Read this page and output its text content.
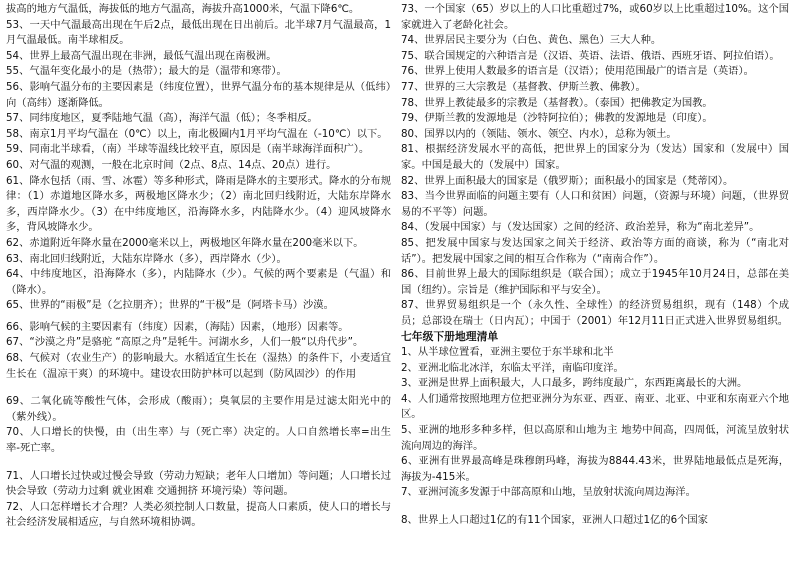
拔高的地方气温低，海拔低的地方气温高，海拔升高1000米，气温下降6℃。

53、一天中气温最高出现在午后2点，最低出现在日出前后。北半球7月气温最高，1月气温最低。南半球相反。

54、世界上最高气温出现在非洲，最低气温出现在南极洲。

55、气温年变化最小的是（热带）；最大的是（温带和寒带）。

56、影响气温分布的主要因素是（纬度位置），世界气温分布的基本规律是从（低纬）向（高纬）逐渐降低。

57、同纬度地区，夏季陆地气温（高），海洋气温（低）；冬季相反。

58、南京1月平均气温在（0℃）以上，南北极圈内1月平均气温在（-10℃）以下。

59、同南北半球看，（南）半球等温线比较平直，原因是（南半球海洋面积广）。

60、对气温的观测，一般在北京时间（2点、8点、14点、20点）进行。

61、降水包括（雨、雪、冰雹）等多种形式，降雨是降水的主要形式。降水的分布规律：（1）赤道地区降水多，两极地区降水少；（2）南北回归线附近，大陆东岸降水多，西岸降水少。（3）在中纬度地区，沿海降水多，内陆降水少。（4）迎风坡降水多，背风坡降水少。

62、赤道附近年降水量在2000毫米以上，两极地区年降水量在200毫米以下。

63、南北回归线附近，大陆东岸降水（多），西岸降水（少）。

64、中纬度地区，沿海降水（多），内陆降水（少）。气候的两个要素是（气温）和（降水）。

65、世界的“雨极”是（乞拉朋齐）；世界的“干极”是（阿塔卡马）沙漠。

66、影响气候的主要因素有（纬度）因素，（海陆）因素，（地形）因素等。

67、“沙漠之舟”是骆驼 “高原之舟”是牦牛。河湖水乡，人们一般“以舟代步”。

68、气候对（农业生产）的影响最大。水稻适宜生长在（湿热）的条件下，小麦适宜生长在（温凉干爽）的环境中。建设农田防护林可以起到（防风固沙）的作用

69、二氧化硫等酸性气体，会形成（酸雨）；臭氧层的主要作用是过滤太阳光中的（紫外线）。

70、人口增长的快慢，由（出生率）与（死亡率）决定的。人口自然增长率=出生率-死亡率。

71、人口增长过快或过慢会导致（劳动力短缺；老年人口增加）等问题；人口增长过快会导致（劳动力过剩 就业困难 交通拥挤 环境污染）等问题。

72、人口怎样增长才合理？人类必须控制人口数量，提高人口素质，使人口的增长与社会经济发展相适应，与自然环境相协调。

73、一个国家（65）岁以上的人口比重超过7%，或60岁以上比重超过10%。这个国家就进入了老龄化社会。

74、世界居民主要分为（白色、黄色、黑色）三大人种。

75、联合国规定的六种语言是（汉语、英语、法语、俄语、西班牙语、阿拉伯语）。

76、世界上使用人数最多的语言是（汉语）；使用范围最广的语言是（英语）。

77、世界的三大宗教是（基督教、伊斯兰教、佛教）。

78、世界上教徒最多的宗教是（基督教）。（泰国）把佛教定为国教。

79、伊斯兰教的发源地是（沙特阿拉伯）；佛教的发源地是（印度）。

80、国界以内的（领陆、领水、领空、内水），总称为领土。

81、根据经济发展水平的高低，把世界上的国家分为（发达）国家和（发展中）国家。中国是最大的（发展中）国家。

82、世界上面积最大的国家是（俄罗斯）；面积最小的国家是（梵蒂冈）。

83、当今世界面临的问题主要有（人口和贫困）问题，（资源与环境）问题，（世界贸易的不平等）问题。

84、（发展中国家）与（发达国家）之间的经济、政治差异，称为“南北差异”。

85、把发展中国家与发达国家之间关于经济、政治等方面的商谈，称为（“南北对话”）。把发展中国家之间的相互合作称为（“南南合作”）。

86、目前世界上最大的国际组织是（联合国）；成立于1945年10月24日，总部在美国（纽约）。宗旨是（维护国际和平与安全）。

87、世界贸易组织是一个（永久性、全球性）的经济贸易组织，现有（148）个成员；总部设在瑞士（日内瓦）；中国于（2001）年12月11日正式进入世界贸易组织。

七年级下册地理清单

1、从半球位置看，亚洲主要位于东半球和北半

2、亚洲北临北冰洋，东临太平洋，南临印度洋。

3、亚洲是世界上面积最大，人口最多，跨纬度最广，东西距离最长的大洲。

4、人们通常按照地理方位把亚洲分为东亚、西亚、南亚、北亚、中亚和东南亚六个地区。

5、亚洲的地形多种多样，但以高原和山地为主 地势中间高，四周低，河流呈放射状流向周边的海洋。

6、亚洲有世界最高峰是珠穆朗玛峰，海拔为8844.43米，世界陆地最低点是死海，海拔为-415米。

7、亚洲河流多发源于中部高原和山地，呈放射状流向周边海洋。

8、世界上人口超过1亿的有11个国家，亚洲人口超过1亿的6个国家
